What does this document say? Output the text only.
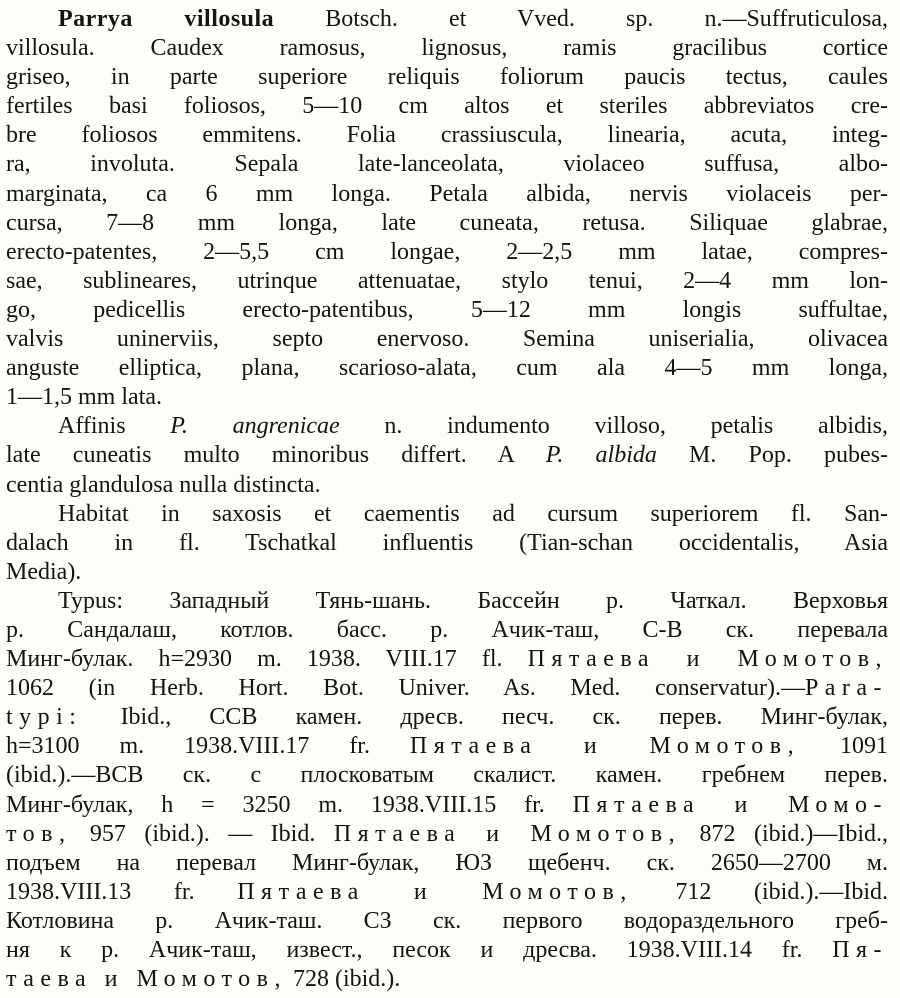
Parrya villosula Botsch. et Vved. sp. n.—Suffruticulosa,
villosula. Caudex ramosus, lignosus, ramis gracilibus cortice
griseo, in parte superiore reliquis foliorum paucis tectus, caules
fertiles basi foliosos, 5—10 cm altos et steriles abbreviatos cre-
bre foliosos emmitens. Folia crassiuscula, linearia, acuta, integ-
ra, involuta. Sepala late-lanceolata, violaceo suffusa, albo-
marginata, ca 6 mm longa. Petala albida, nervis violaceis per-
cursa, 7—8 mm longa, late cuneata, retusa. Siliquae glabrae,
erecto-patentes, 2—5,5 cm longae, 2—2,5 mm latae, compres-
sae, sublineares, utrinque attenuatae, stylo tenui, 2—4 mm lon-
go, pedicellis erecto-patentibus, 5—12 mm longis suffultae,
valvis uninerviis, septo enervoso. Semina uniserialia, olivacea
anguste elliptica, plana, scarioso-alata, cum ala 4—5 mm longa,
1—1,5 mm lata.
Affinis P. angrenicae n. indumento villoso, petalis albidis,
late cuneatis multo minoribus differt. A P. albida M. Pop. pubes-
centia glandulosa nulla distincta.
Habitat in saxosis et caementis ad cursum superiorem fl. San-
dalach in fl. Tschatkal influentis (Tian-schan occidentalis, Asia
Media).
Typus: Западный Тянь-шань. Бассейн р. Чаткал. Верховья
р. Сандалаш, котлов. басс. р. Ачик-таш, С-В ск. перевала
Минг-булак. h=2930 m. 1938. VIII.17 fl. Пятаева и Момотов,
1062 (in Herb. Hort. Bot. Univer. As. Med. conservatur).—Para-
typi: Ibid., ССВ камен. дресв. песч. ск. перев. Минг-булак,
h=3100 m. 1938.VIII.17 fr. Пятаева и Момотов, 1091
(ibid.).—ВСВ ск. с плосковатым скалист. камен. гребнем перев.
Минг-булак, h = 3250 m. 1938.VIII.15 fr. Пятаева и Момо-
тов, 957 (ibid.). — Ibid. Пятаева и Момотов, 872 (ibid.)—Ibid.,
подъем на перевал Минг-булак, ЮЗ щебенч. ск. 2650—2700 м.
1938.VIII.13 fr. Пятаева и Момотов, 712 (ibid.).—Ibid.
Котловина р. Ачик-таш. СЗ ск. первого водораздельного греб-
ня к р. Ачик-таш, извест., песок и дресва. 1938.VIII.14 fr. Пя-
таева и Момотов, 728 (ibid.).
